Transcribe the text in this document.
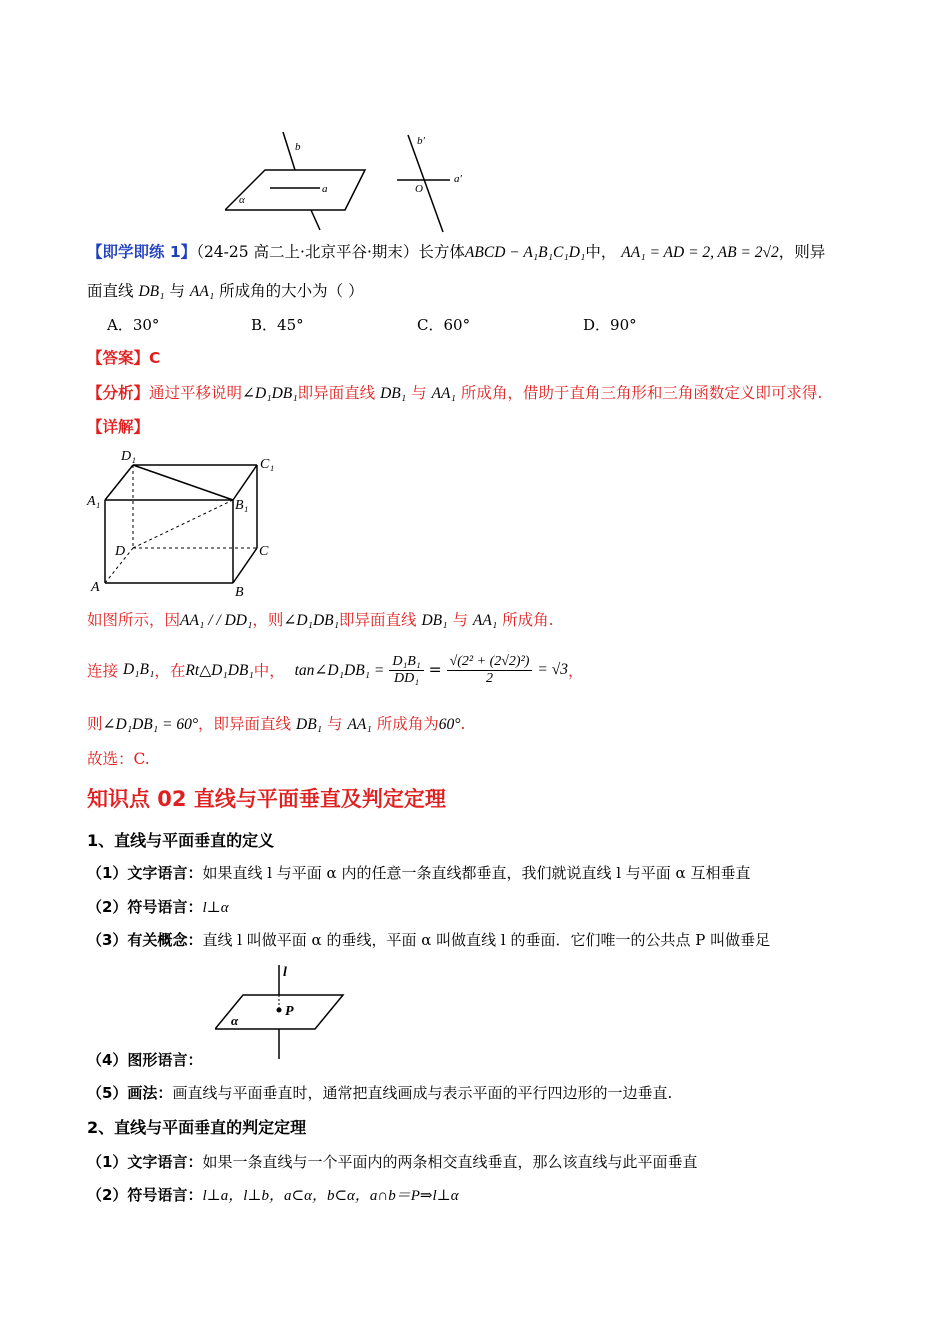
b
a
α
b′
a′
O
【即学即练 1】（24-25 高二上·北京平谷·期末）长方体ABCD − A₁B₁C₁D₁中， AA₁ = AD = 2, AB = 2√2，则异
面直线 DB₁ 与 AA₁ 所成角的大小为（ ）
A．30°	B．45°	C．60°	D．90°
【答案】C
【分析】通过平移说明∠D₁DB₁即异面直线 DB₁ 与 AA₁ 所成角，借助于直角三角形和三角函数定义即可求得.
【详解】
D₁
C₁
A₁	B₁
D	C
A	B
如图所示，因AA₁ / / DD₁，则∠D₁DB₁即异面直线 DB₁ 与 AA₁ 所成角.
连接
D₁B₁ ，在 Rt△D₁DB₁ 中，
tan∠D₁DB₁ =
$\frac{\text{D₁B₁}}{\text{DD₁}} = \frac{\text{√(2² + (2√2)²)}}{2}$
= √3 ，
则∠D₁DB₁ = 60°，即异面直线 DB₁ 与 AA₁ 所成角为60°.
故选：C.
知识点 02 直线与平面垂直及判定定理
1、直线与平面垂直的定义
（1）文字语言：如果直线 l 与平面 α 内的任意一条直线都垂直，我们就说直线 l 与平面 α 互相垂直
（2）符号语言：l⊥α
（3）有关概念：直线 l 叫做平面 α 的垂线，平面 α 叫做直线 l 的垂面．它们唯一的公共点 P 叫做垂足
l
P
α
（4）图形语言：
（5）画法：画直线与平面垂直时，通常把直线画成与表示平面的平行四边形的一边垂直.
2、直线与平面垂直的判定定理
（1）文字语言：如果一条直线与一个平面内的两条相交直线垂直，那么该直线与此平面垂直
（2）符号语言：l⊥a，l⊥b，a⊂α，b⊂α，a∩b＝P⇒l⊥α
